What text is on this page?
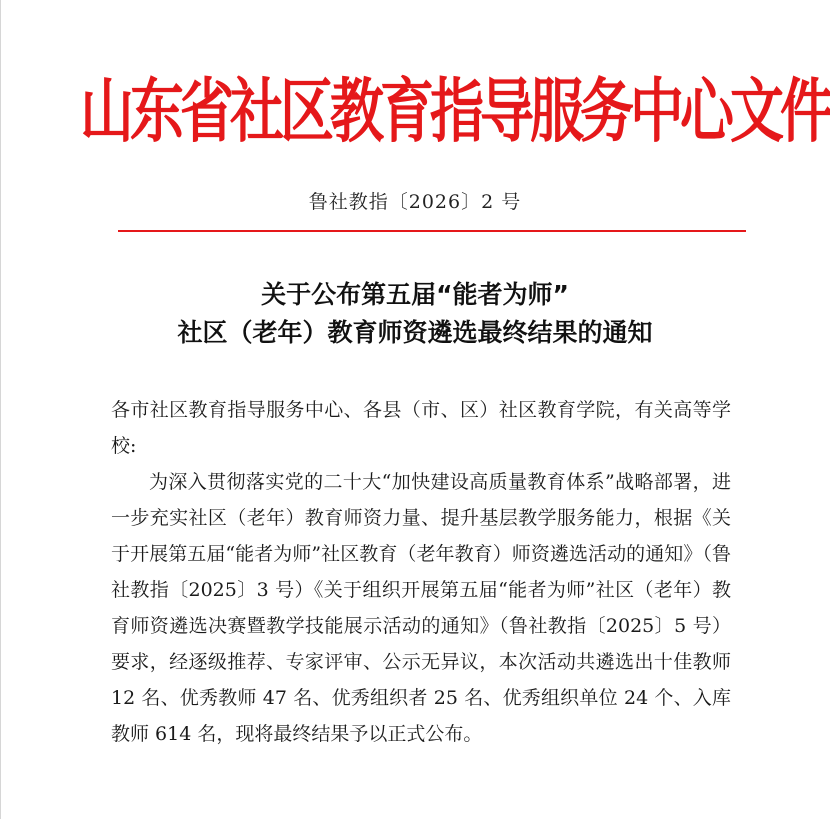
山东省社区教育指导服务中心文件
鲁社教指〔2026〕2 号
关于公布第五届“能者为师”
社区（老年）教育师资遴选最终结果的通知

各市社区教育指导服务中心、各县（市、区）社区教育学院，有关高等学校:

为深入贯彻落实党的二十大“加快建设高质量教育体系”战略部署，进一步充实社区（老年）教育师资力量、提升基层教学服务能力，根据《关于开展第五届“能者为师”社区教育（老年教育）师资遴选活动的通知》（鲁社教指〔2025〕3 号）《关于组织开展第五届“能者为师”社区（老年）教育师资遴选决赛暨教学技能展示活动的通知》（鲁社教指〔2025〕5 号）要求，经逐级推荐、专家评审、公示无异议，本次活动共遴选出十佳教师 12 名、优秀教师 47 名、优秀组织者 25 名、优秀组织单位 24 个、入库教师 614 名，现将最终结果予以正式公布。
